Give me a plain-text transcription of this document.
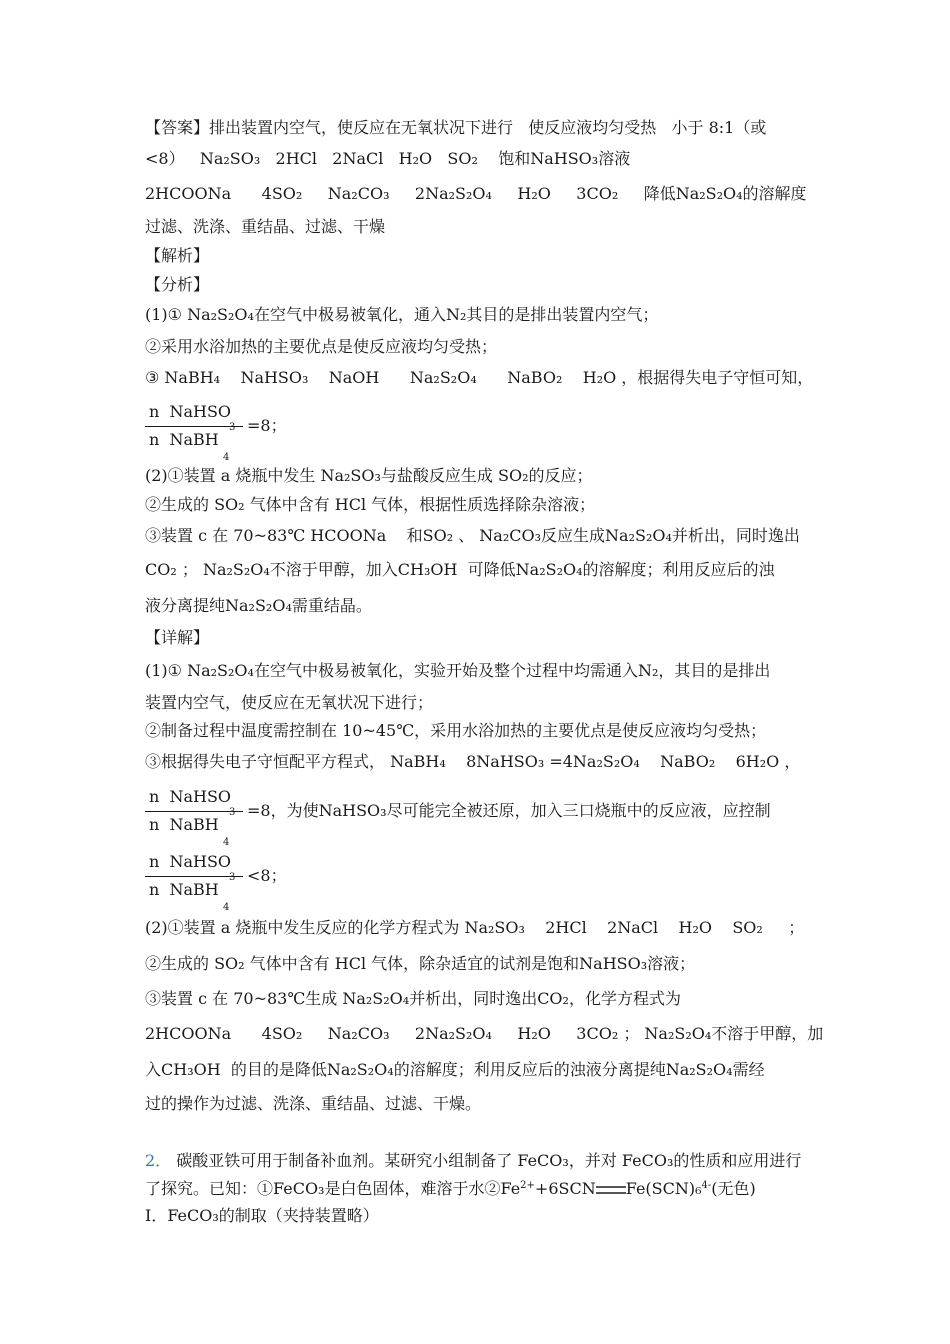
【答案】排出装置内空气，使反应在无氧状况下进行   使反应液均匀受热   小于 8:1（或
<8）   Na₂SO₃   2HCl   2NaCl   H₂O   SO₂    饱和NaHSO₃溶液
2HCOONa      4SO₂     Na₂CO₃     2Na₂S₂O₄     H₂O     3CO₂     降低Na₂S₂O₄的溶解度
过滤、洗涤、重结晶、过滤、干燥
【解析】
【分析】
(1)① Na₂S₂O₄在空气中极易被氧化，通入N₂其目的是排出装置内空气；
②采用水浴加热的主要优点是使反应液均匀受热；
③ NaBH₄    NaHSO₃    NaOH      Na₂S₂O₄      NaBO₂    H₂O ，根据得失电子守恒可知，
n  NaHSO
3
n  NaBH
4
=8；
(2)①装置 a 烧瓶中发生 Na₂SO₃与盐酸反应生成 SO₂的反应；
②生成的 SO₂ 气体中含有 HCl 气体，根据性质选择除杂溶液；
③装置 c 在 70~83℃ HCOONa    和SO₂ 、 Na₂CO₃反应生成Na₂S₂O₄并析出，同时逸出
CO₂ ； Na₂S₂O₄不溶于甲醇，加入CH₃OH  可降低Na₂S₂O₄的溶解度；利用反应后的浊
液分离提纯Na₂S₂O₄需重结晶。
【详解】
(1)① Na₂S₂O₄在空气中极易被氧化，实验开始及整个过程中均需通入N₂，其目的是排出
装置内空气，使反应在无氧状况下进行；
②制备过程中温度需控制在 10~45℃，采用水浴加热的主要优点是使反应液均匀受热；
③根据得失电子守恒配平方程式， NaBH₄    8NaHSO₃ =4Na₂S₂O₄    NaBO₂    6H₂O ，
n  NaHSO
3
n  NaBH
4
=8，为使NaHSO₃尽可能完全被还原，加入三口烧瓶中的反应液，应控制
n  NaHSO
3
n  NaBH
4
<8；
(2)①装置 a 烧瓶中发生反应的化学方程式为 Na₂SO₃    2HCl    2NaCl    H₂O    SO₂     ；
②生成的 SO₂ 气体中含有 HCl 气体，除杂适宜的试剂是饱和NaHSO₃溶液；
③装置 c 在 70~83℃生成 Na₂S₂O₄并析出，同时逸出CO₂，化学方程式为
2HCOONa      4SO₂     Na₂CO₃     2Na₂S₂O₄     H₂O     3CO₂ ； Na₂S₂O₄不溶于甲醇，加
入CH₃OH  的目的是降低Na₂S₂O₄的溶解度；利用反应后的浊液分离提纯Na₂S₂O₄需经
过的操作为过滤、洗涤、重结晶、过滤、干燥。
2． 碳酸亚铁可用于制备补血剂。某研究小组制备了 FeCO₃，并对 FeCO₃的性质和应用进行
了探究。已知：①FeCO₃是白色固体，难溶于水$②Fe^{2+}+6SCN$ Fe(SCN)₆$^{4-}$(无色)
Ⅰ．FeCO₃的制取（夹持装置略）
